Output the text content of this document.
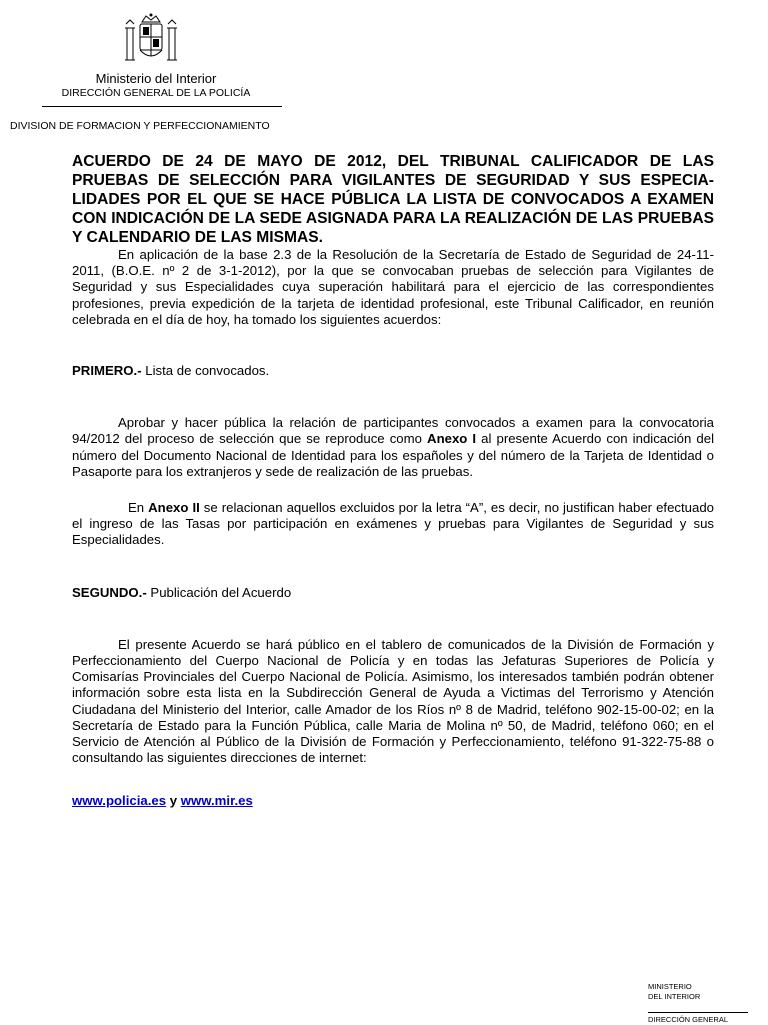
Ministerio del Interior
DIRECCIÓN GENERAL DE LA POLICÍA
DIVISION DE FORMACION Y PERFECCIONAMIENTO

ACUERDO DE 24 DE MAYO DE 2012, DEL TRIBUNAL CALIFICADOR DE LAS PRUEBAS DE SELECCIÓN PARA VIGILANTES DE SEGURIDAD Y SUS ESPECIA- LIDADES POR EL QUE SE HACE PÚBLICA LA LISTA DE CONVOCADOS A EXAMEN CON INDICACIÓN DE LA SEDE ASIGNADA PARA LA REALIZACIÓN DE LAS PRUEBAS Y CALENDARIO DE LAS MISMAS.

En aplicación de la base 2.3 de la Resolución de la Secretaría de Estado de Seguridad de 24-11-2011, (B.O.E. nº 2 de 3-1-2012), por la que se convocaban pruebas de selección para Vigilantes de Seguridad y sus Especialidades cuya superación habilitará para el ejercicio de las correspondientes profesiones, previa expedición de la tarjeta de identidad profesional, este Tribunal Calificador, en reunión celebrada en el día de hoy, ha tomado los siguientes acuerdos:

PRIMERO.- Lista de convocados.

Aprobar y hacer pública la relación de participantes convocados a examen para la convocatoria 94/2012 del proceso de selección que se reproduce como Anexo I al presente Acuerdo con indicación del número del Documento Nacional de Identidad para los españoles y del número de la Tarjeta de Identidad o Pasaporte para los extranjeros y sede de realización de las pruebas.

En Anexo II se relacionan aquellos excluidos por la letra “A”, es decir, no justifican haber efectuado el ingreso de las Tasas por participación en exámenes y pruebas para Vigilantes de Seguridad y sus Especialidades.

SEGUNDO.- Publicación del Acuerdo

El presente Acuerdo se hará público en el tablero de comunicados de la División de Formación y Perfeccionamiento del Cuerpo Nacional de Policía y en todas las Jefaturas Superiores de Policía y Comisarías Provinciales del Cuerpo Nacional de Policía. Asimismo, los interesados también podrán obtener información sobre esta lista en la Subdirección General de Ayuda a Victimas del Terrorismo y Atención Ciudadana del Ministerio del Interior, calle Amador de los Ríos nº 8 de Madrid, teléfono 902-15-00-02; en la Secretaría de Estado para la Función Pública, calle Maria de Molina nº 50, de Madrid, teléfono 060; en el Servicio de Atención al Público de la División de Formación y Perfeccionamiento, teléfono 91-322-75-88 o consultando las siguientes direcciones de internet:

www.policia.es y www.mir.es

MINISTERIO
DEL INTERIOR
DIRECCIÓN GENERAL
